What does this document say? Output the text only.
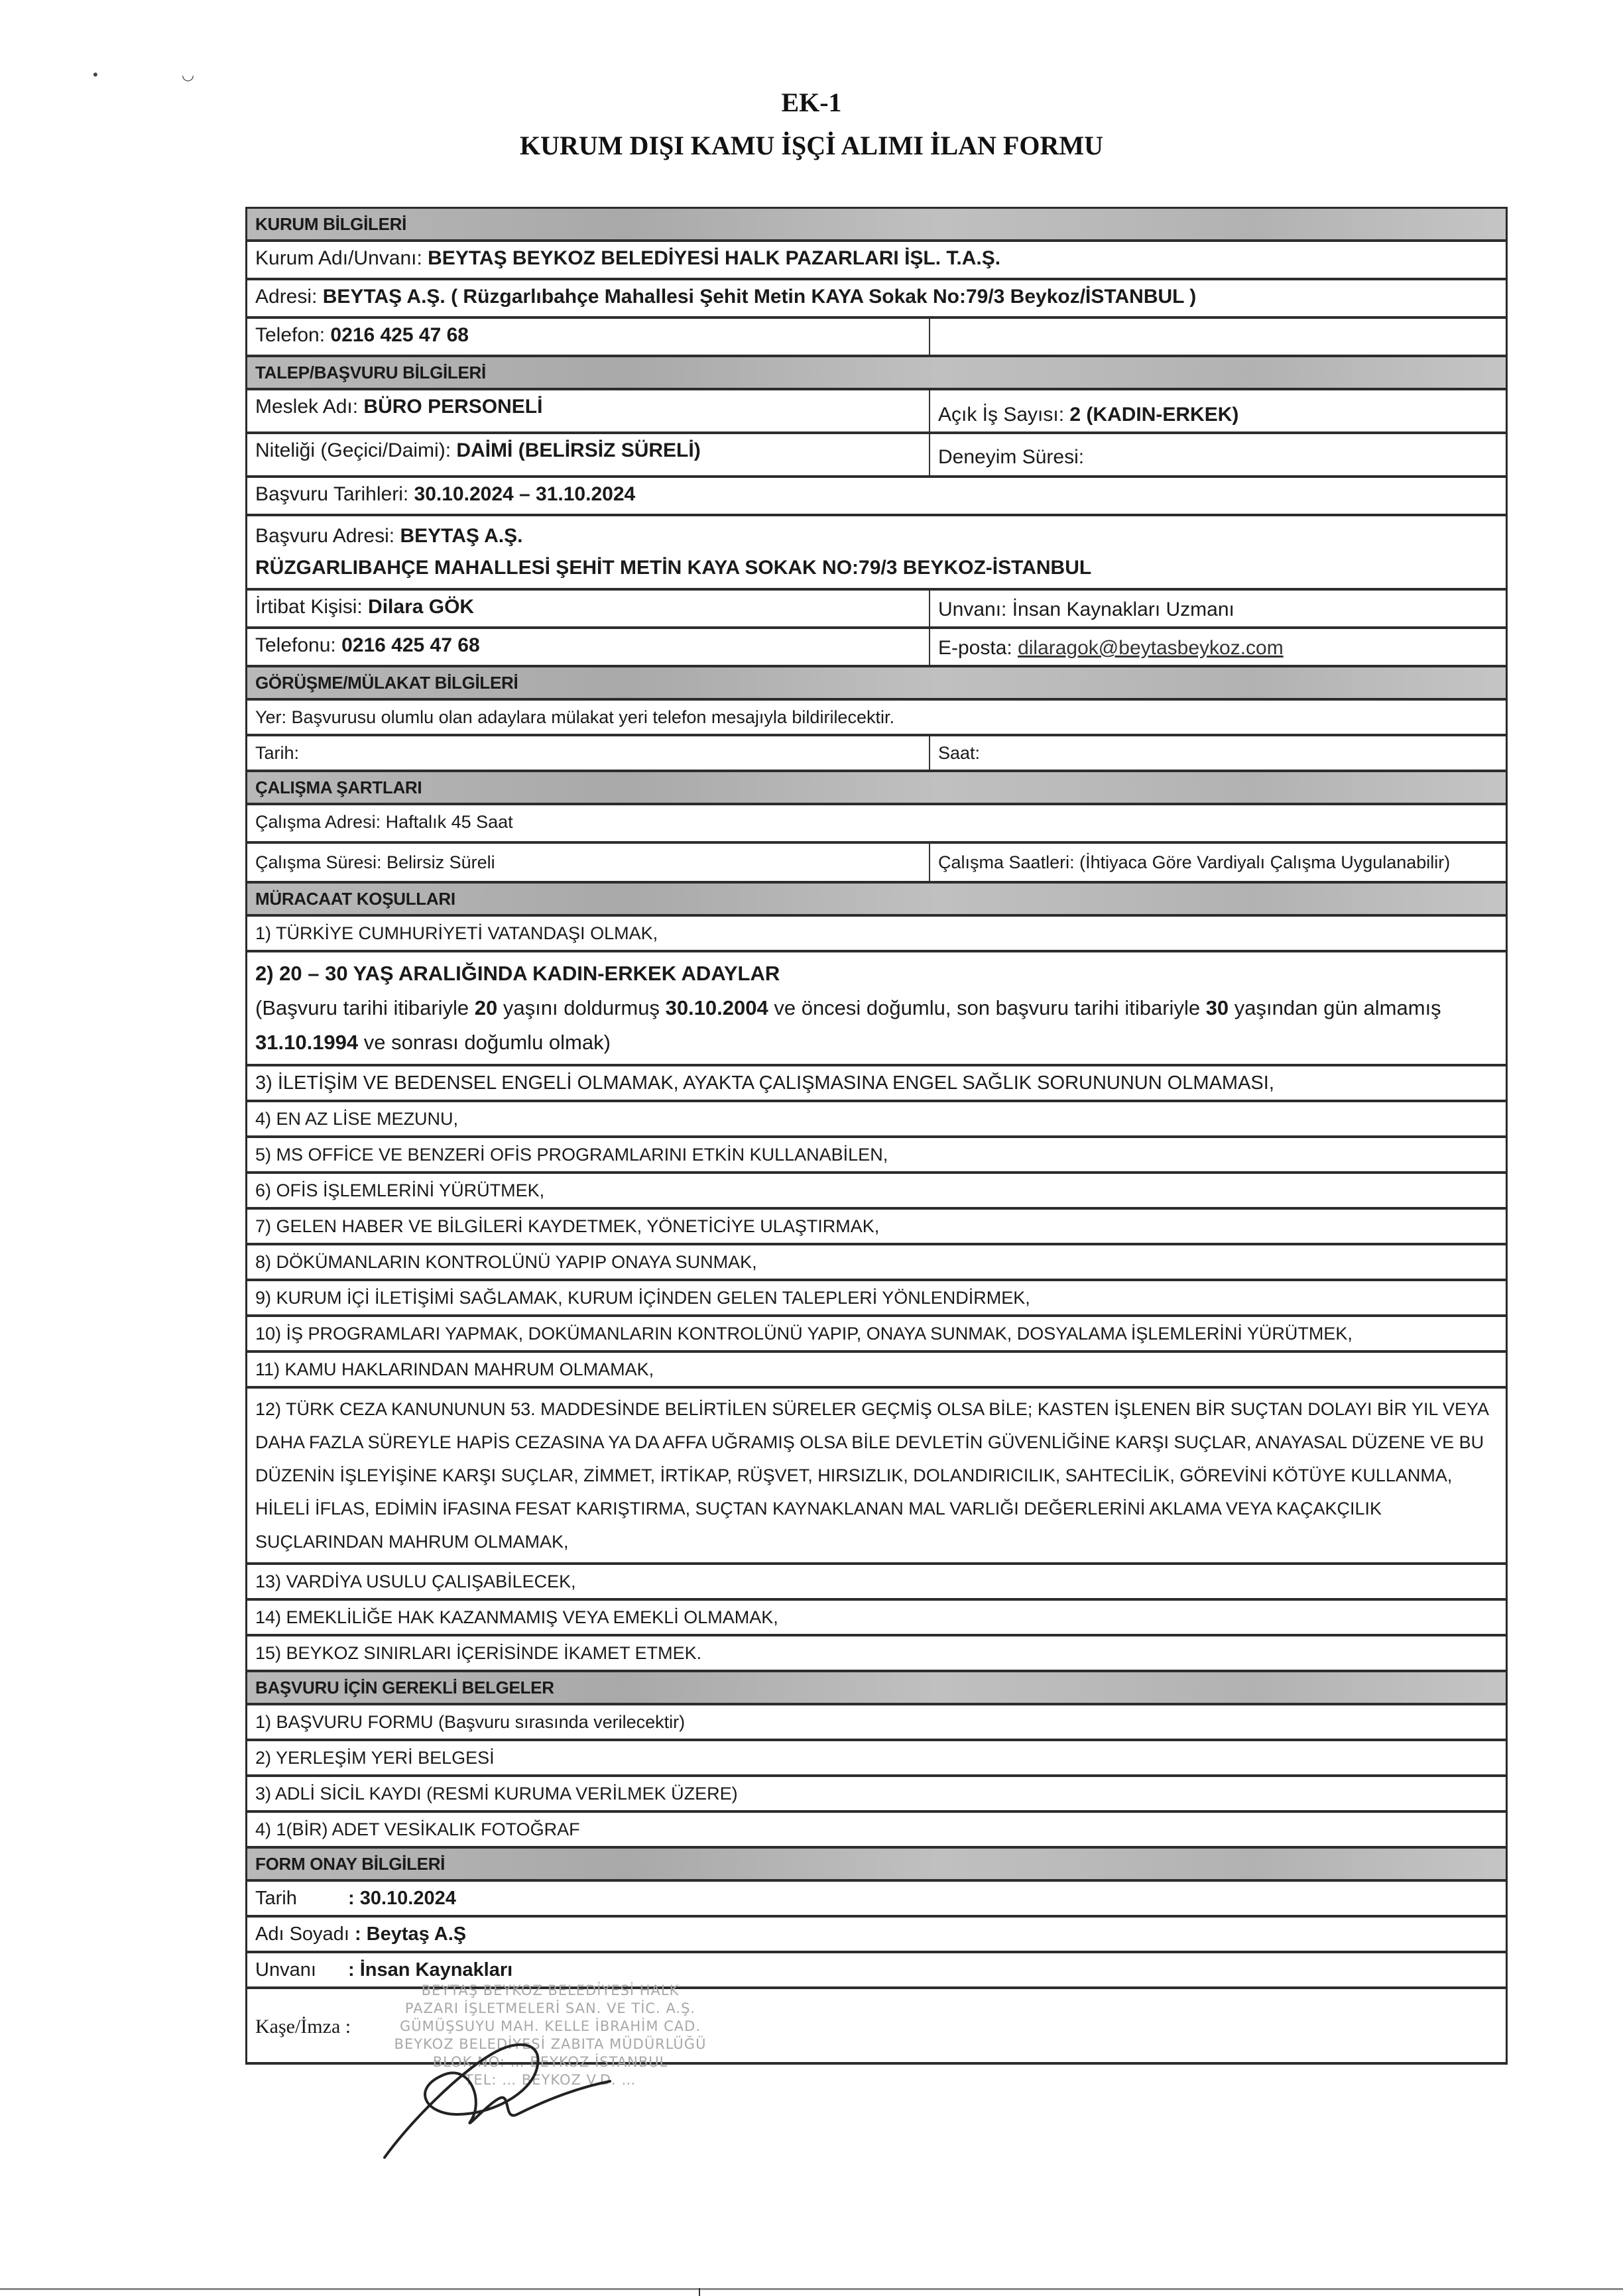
• ◡
EK-1
KURUM DIŞI KAMU İŞÇİ ALIMI İLAN FORMU
KURUM BİLGİLERİ
Kurum Adı/Unvanı: BEYTAŞ BEYKOZ BELEDİYESİ HALK PAZARLARI İŞL. T.A.Ş.
Adresi: BEYTAŞ A.Ş. ( Rüzgarlıbahçe Mahallesi Şehit Metin KAYA Sokak No:79/3 Beykoz/İSTANBUL )
Telefon: 0216 425 47 68
TALEP/BAŞVURU BİLGİLERİ
Meslek Adı: BÜRO PERSONELİ	Açık İş Sayısı: 2 (KADIN-ERKEK)
Niteliği (Geçici/Daimi): DAİMİ (BELİRSİZ SÜRELİ)	Deneyim Süresi:
Başvuru Tarihleri: 30.10.2024 – 31.10.2024
Başvuru Adresi: BEYTAŞ A.Ş.
RÜZGARLIBAHÇE MAHALLESİ ŞEHİT METİN KAYA SOKAK NO:79/3 BEYKOZ-İSTANBUL
İrtibat Kişisi: Dilara GÖK	Unvanı: İnsan Kaynakları Uzmanı
Telefonu: 0216 425 47 68	E-posta: dilaragok@beytasbeykoz.com
GÖRÜŞME/MÜLAKAT BİLGİLERİ
Yer: Başvurusu olumlu olan adaylara mülakat yeri telefon mesajıyla bildirilecektir.
Tarih:	Saat:
ÇALIŞMA ŞARTLARI
Çalışma Adresi: Haftalık 45 Saat
Çalışma Süresi: Belirsiz Süreli	Çalışma Saatleri: (İhtiyaca Göre Vardiyalı Çalışma Uygulanabilir)
MÜRACAAT KOŞULLARI
1) TÜRKİYE CUMHURİYETİ VATANDAŞI OLMAK,
2) 20 – 30 YAŞ ARALIĞINDA KADIN-ERKEK ADAYLAR
(Başvuru tarihi itibariyle 20 yaşını doldurmuş 30.10.2004 ve öncesi doğumlu, son başvuru tarihi itibariyle 30 yaşından gün almamış 31.10.1994 ve sonrası doğumlu olmak)
3) İLETİŞİM VE BEDENSEL ENGELİ OLMAMAK, AYAKTA ÇALIŞMASINA ENGEL SAĞLIK SORUNUNUN OLMAMASI,
4) EN AZ LİSE MEZUNU,
5) MS OFFİCE VE BENZERİ OFİS PROGRAMLARINI ETKİN KULLANABİLEN,
6) OFİS İŞLEMLERİNİ YÜRÜTMEK,
7) GELEN HABER VE BİLGİLERİ KAYDETMEK, YÖNETİCİYE ULAŞTIRMAK,
8) DÖKÜMANLARIN KONTROLÜNÜ YAPIP ONAYA SUNMAK,
9) KURUM İÇİ İLETİŞİMİ SAĞLAMAK, KURUM İÇİNDEN GELEN TALEPLERİ YÖNLENDİRMEK,
10) İŞ PROGRAMLARI YAPMAK, DOKÜMANLARIN KONTROLÜNÜ YAPIP, ONAYA SUNMAK, DOSYALAMA İŞLEMLERİNİ YÜRÜTMEK,
11) KAMU HAKLARINDAN MAHRUM OLMAMAK,
12) TÜRK CEZA KANUNUNUN 53. MADDESİNDE BELİRTİLEN SÜRELER GEÇMİŞ OLSA BİLE; KASTEN İŞLENEN BİR SUÇTAN DOLAYI BİR YIL VEYA DAHA FAZLA SÜREYLE HAPİS CEZASINA YA DA AFFA UĞRAMIŞ OLSA BİLE DEVLETİN GÜVENLİĞİNE KARŞI SUÇLAR, ANAYASAL DÜZENE VE BU DÜZENİN İŞLEYİŞİNE KARŞI SUÇLAR, ZİMMET, İRTİKAP, RÜŞVET, HIRSIZLIK, DOLANDIRICILIK, SAHTECİLİK, GÖREVİNİ KÖTÜYE KULLANMA, HİLELİ İFLAS, EDİMİN İFASINA FESAT KARIŞTIRMA, SUÇTAN KAYNAKLANAN MAL VARLIĞI DEĞERLERİNİ AKLAMA VEYA KAÇAKÇILIK SUÇLARINDAN MAHRUM OLMAMAK,
13) VARDİYA USULU ÇALIŞABİLECEK,
14) EMEKLİLİĞE HAK KAZANMAMIŞ VEYA EMEKLİ OLMAMAK,
15) BEYKOZ SINIRLARI İÇERİSİNDE İKAMET ETMEK.
BAŞVURU İÇİN GEREKLİ BELGELER
1) BAŞVURU FORMU (Başvuru sırasında verilecektir)
2) YERLEŞİM YERİ BELGESİ
3) ADLİ SİCİL KAYDI (RESMİ KURUMA VERİLMEK ÜZERE)
4) 1(BİR) ADET VESİKALIK FOTOĞRAF
FORM ONAY BİLGİLERİ
Tarih	: 30.10.2024
Adı Soyadı : Beytaş A.Ş
Unvanı : İnsan Kaynakları
Kaşe/İmza :
BEYTAŞ BEYKOZ BELEDİYESİ HALK
PAZARI İŞLETMELERİ SAN. VE TİC. A.Ş.
GÜMÜŞSUYU MAH. KELLE İBRAHİM CAD.
BEYKOZ BELEDİYESİ ZABITA MÜDÜRLÜĞÜ
BLOK NO: … BEYKOZ İSTANBUL
TEL: … BEYKOZ V.D. …
